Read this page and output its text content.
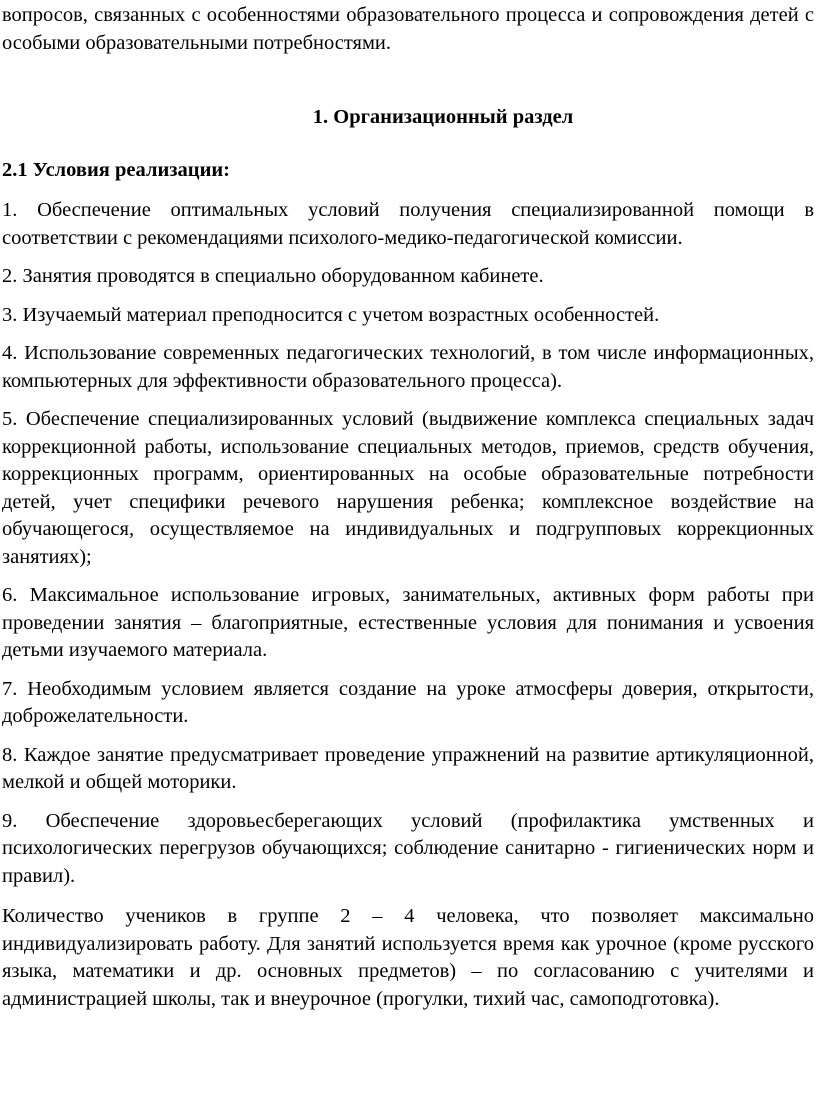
вопросов, связанных с особенностями образовательного процесса и сопровождения детей с особыми образовательными потребностями.

1. Организационный раздел

2.1 Условия реализации:

1. Обеспечение оптимальных условий получения специализированной помощи в соответствии с рекомендациями психолого-медико-педагогической комиссии.

2. Занятия проводятся в специально оборудованном кабинете.

3. Изучаемый материал преподносится с учетом возрастных особенностей.

4. Использование современных педагогических технологий, в том числе информационных, компьютерных для эффективности образовательного процесса).

5. Обеспечение специализированных условий (выдвижение комплекса специальных задач коррекционной работы, использование специальных методов, приемов, средств обучения, коррекционных программ, ориентированных на особые образовательные потребности детей, учет специфики речевого нарушения ребенка; комплексное воздействие на обучающегося, осуществляемое на индивидуальных и подгрупповых коррекционных занятиях);

6. Максимальное использование игровых, занимательных, активных форм работы при проведении занятия – благоприятные, естественные условия для понимания и усвоения детьми изучаемого материала.

7. Необходимым условием является создание на уроке атмосферы доверия, открытости, доброжелательности.

8. Каждое занятие предусматривает проведение упражнений на развитие артикуляционной, мелкой и общей моторики.

9. Обеспечение здоровьесберегающих условий (профилактика умственных и психологических перегрузов обучающихся; соблюдение санитарно - гигиенических норм и правил).

Количество учеников в группе 2 – 4 человека, что позволяет максимально индивидуализировать работу. Для занятий используется время как урочное (кроме русского языка, математики и др. основных предметов) – по согласованию с учителями и администрацией школы, так и внеурочное (прогулки, тихий час, самоподготовка).
